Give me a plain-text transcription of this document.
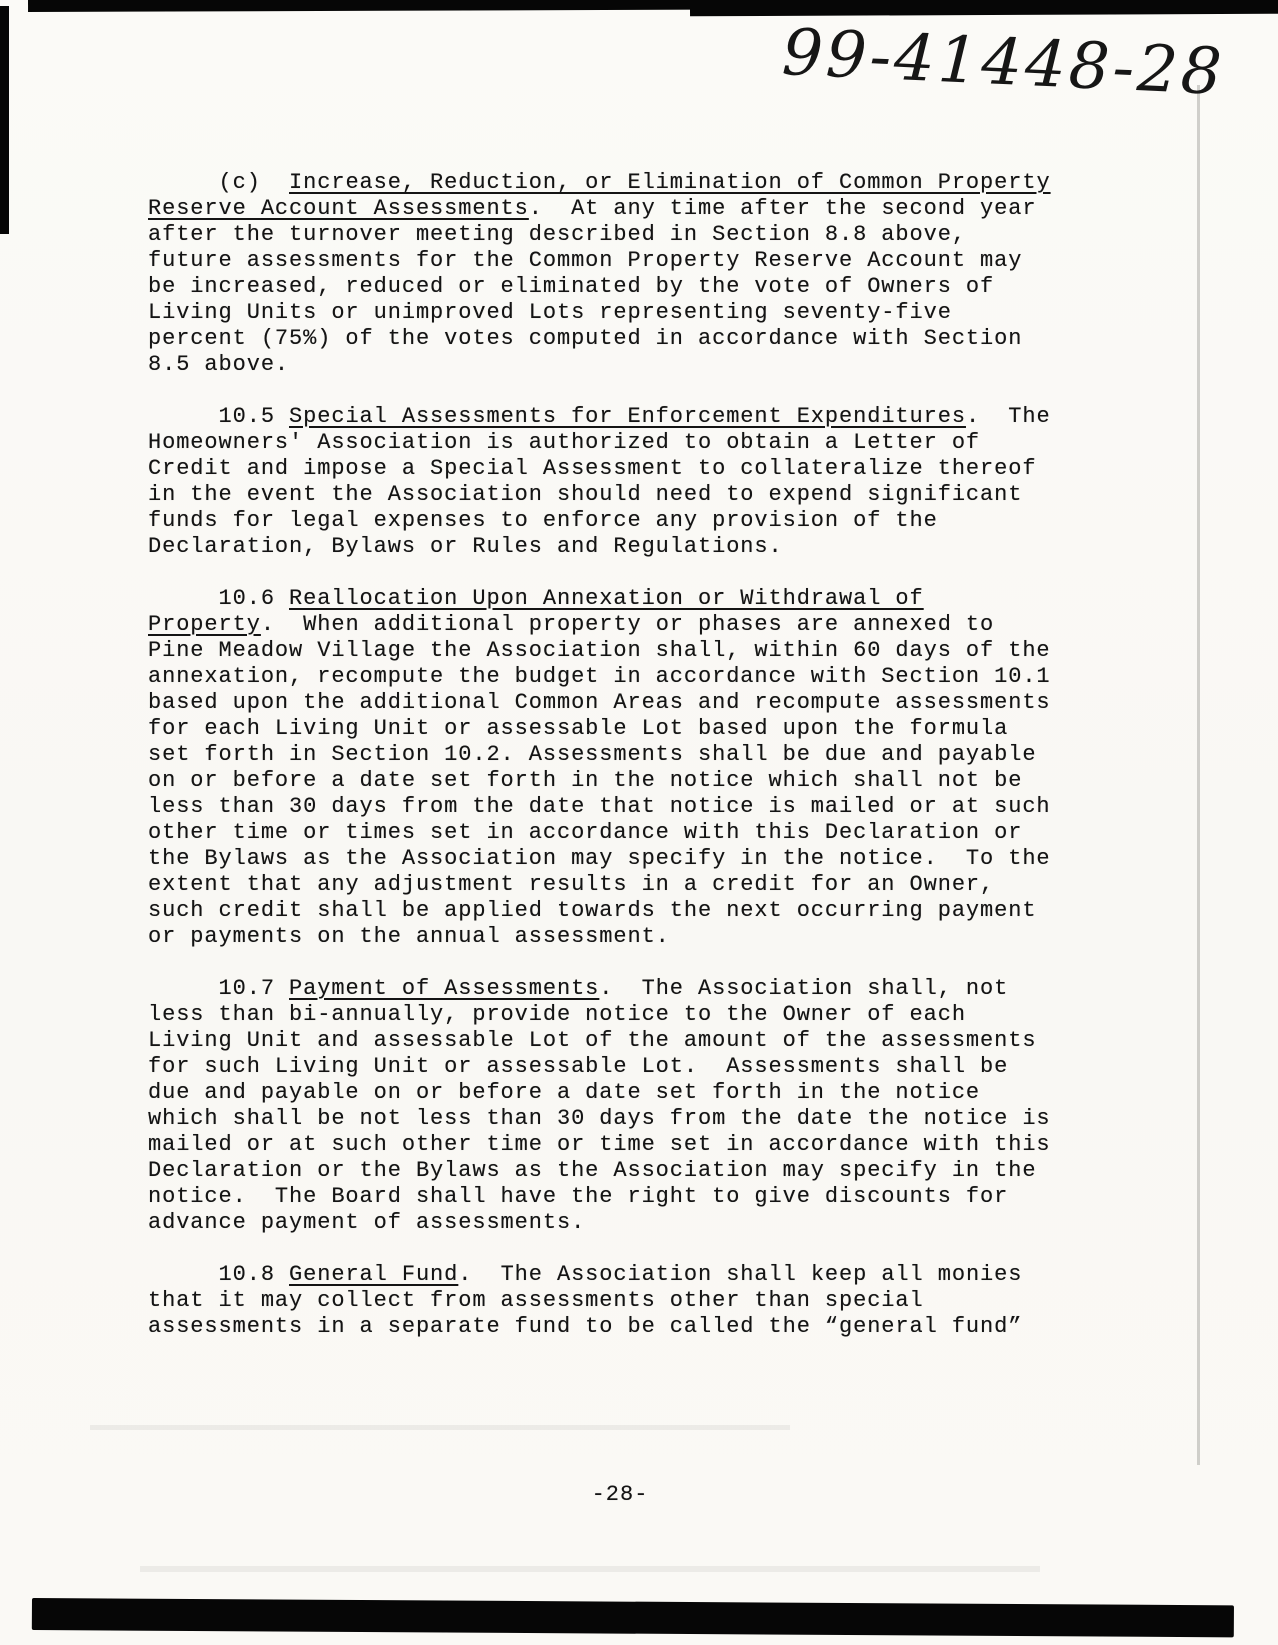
99-41448-28
(c)  Increase, Reduction, or Elimination of Common Property
Reserve Account Assessments.  At any time after the second year
after the turnover meeting described in Section 8.8 above,
future assessments for the Common Property Reserve Account may
be increased, reduced or eliminated by the vote of Owners of
Living Units or unimproved Lots representing seventy-five
percent (75%) of the votes computed in accordance with Section
8.5 above.
10.5 Special Assessments for Enforcement Expenditures.  The
Homeowners' Association is authorized to obtain a Letter of
Credit and impose a Special Assessment to collateralize thereof
in the event the Association should need to expend significant
funds for legal expenses to enforce any provision of the
Declaration, Bylaws or Rules and Regulations.
10.6 Reallocation Upon Annexation or Withdrawal of
Property.  When additional property or phases are annexed to
Pine Meadow Village the Association shall, within 60 days of the
annexation, recompute the budget in accordance with Section 10.1
based upon the additional Common Areas and recompute assessments
for each Living Unit or assessable Lot based upon the formula
set forth in Section 10.2. Assessments shall be due and payable
on or before a date set forth in the notice which shall not be
less than 30 days from the date that notice is mailed or at such
other time or times set in accordance with this Declaration or
the Bylaws as the Association may specify in the notice.  To the
extent that any adjustment results in a credit for an Owner,
such credit shall be applied towards the next occurring payment
or payments on the annual assessment.
10.7 Payment of Assessments.  The Association shall, not
less than bi-annually, provide notice to the Owner of each
Living Unit and assessable Lot of the amount of the assessments
for such Living Unit or assessable Lot.  Assessments shall be
due and payable on or before a date set forth in the notice
which shall be not less than 30 days from the date the notice is
mailed or at such other time or time set in accordance with this
Declaration or the Bylaws as the Association may specify in the
notice.  The Board shall have the right to give discounts for
advance payment of assessments.
10.8 General Fund.  The Association shall keep all monies
that it may collect from assessments other than special
assessments in a separate fund to be called the “general fund”
-28-
